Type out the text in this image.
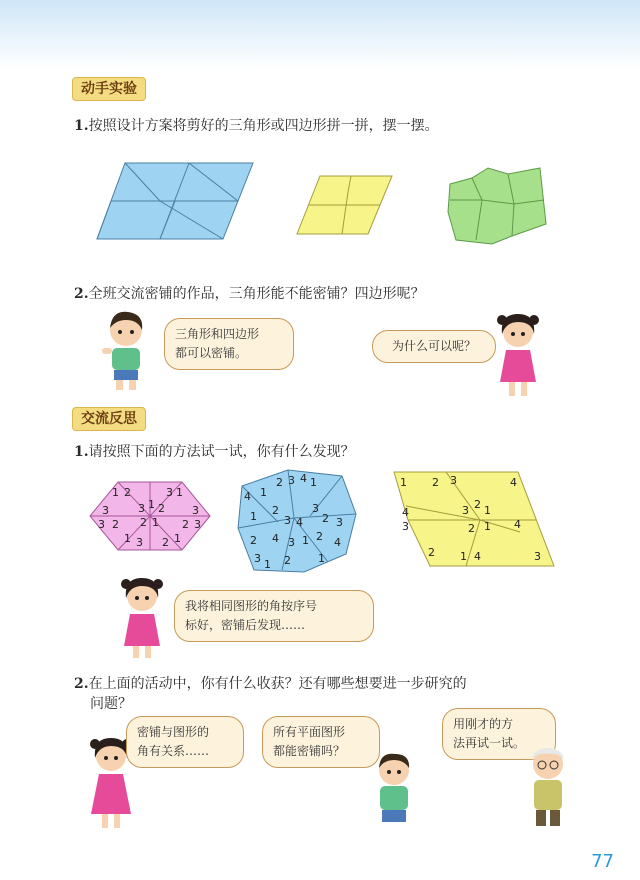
动手实验
1.按照设计方案将剪好的三角形或四边形拼一拼，摆一摆。
2.全班交流密铺的作品，三角形能不能密铺？四边形呢？
三角形和四边形
都可以密铺。	为什么可以呢？
交流反思
1.请按照下面的方法试一试，你有什么发现？
1 2	3 1
3	3 1 2 3
3 2 2 1 2 3
1 3 2 1
4 1
2 3 4 1
1 2
3 4
3
2 3
2 4 3 1 2 4
3 1 2 1
1 2 3	4
4	3 2 1
3	2 1 4
2 1 4	3
我将相同图形的角按序号
标好，密铺后发现……
2.在上面的活动中，你有什么收获？还有哪些想要进一步研究的
问题？
密铺与图形的
角有关系……
所有平面图形
都能密铺吗？
用刚才的方
法再试一试。
77
